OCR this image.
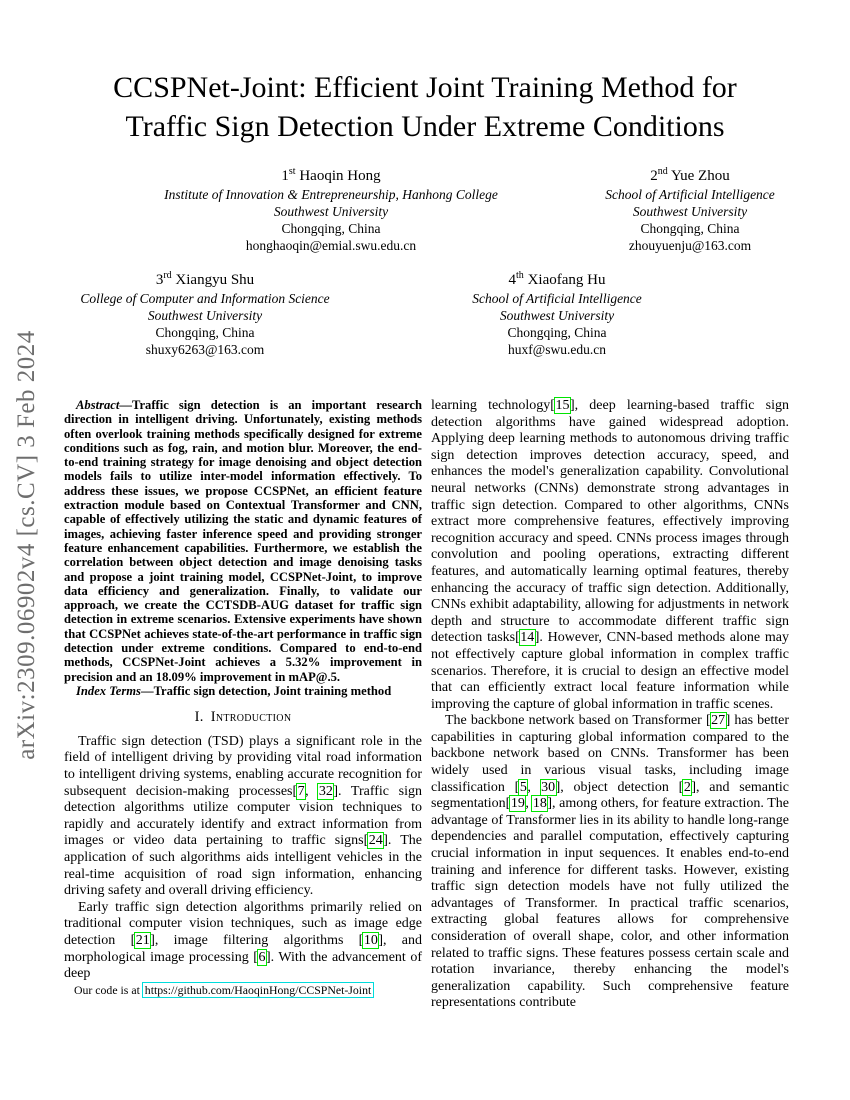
arXiv:2309.06902v4 [cs.CV] 3 Feb 2024
CCSPNet-Joint: Efficient Joint Training Method for
Traffic Sign Detection Under Extreme Conditions
1st Haoqin Hong
Institute of Innovation & Entrepreneurship, Hanhong College
Southwest University
Chongqing, China
honghaoqin@emial.swu.edu.cn
2nd Yue Zhou
School of Artificial Intelligence
Southwest University
Chongqing, China
zhouyuenju@163.com
3rd Xiangyu Shu
College of Computer and Information Science
Southwest University
Chongqing, China
shuxy6263@163.com
4th Xiaofang Hu
School of Artificial Intelligence
Southwest University
Chongqing, China
huxf@swu.edu.cn

Abstract—Traffic sign detection is an important research direction in intelligent driving. Unfortunately, existing methods often overlook training methods specifically designed for extreme conditions such as fog, rain, and motion blur. Moreover, the end-to-end training strategy for image denoising and object detection models fails to utilize inter-model information effectively. To address these issues, we propose CCSPNet, an efficient feature extraction module based on Contextual Transformer and CNN, capable of effectively utilizing the static and dynamic features of images, achieving faster inference speed and providing stronger feature enhancement capabilities. Furthermore, we establish the correlation between object detection and image denoising tasks and propose a joint training model, CCSPNet-Joint, to improve data efficiency and generalization. Finally, to validate our approach, we create the CCTSDB-AUG dataset for traffic sign detection in extreme scenarios. Extensive experiments have shown that CCSPNet achieves state-of-the-art performance in traffic sign detection under extreme conditions. Compared to end-to-end methods, CCSPNet-Joint achieves a 5.32% improvement in precision and an 18.09% improvement in mAP@.5.

Index Terms—Traffic sign detection, Joint training method

I. Introduction

Traffic sign detection (TSD) plays a significant role in the field of intelligent driving by providing vital road information to intelligent driving systems, enabling accurate recognition for subsequent decision-making processes[7, 32]. Traffic sign detection algorithms utilize computer vision techniques to rapidly and accurately identify and extract information from images or video data pertaining to traffic signs[24]. The application of such algorithms aids intelligent vehicles in the real-time acquisition of road sign information, enhancing driving safety and overall driving efficiency.

Early traffic sign detection algorithms primarily relied on traditional computer vision techniques, such as image edge detection [21], image filtering algorithms [10], and morphological image processing [6]. With the advancement of deep

learning technology[15], deep learning-based traffic sign detection algorithms have gained widespread adoption. Applying deep learning methods to autonomous driving traffic sign detection improves detection accuracy, speed, and enhances the model's generalization capability. Convolutional neural networks (CNNs) demonstrate strong advantages in traffic sign detection. Compared to other algorithms, CNNs extract more comprehensive features, effectively improving recognition accuracy and speed. CNNs process images through convolution and pooling operations, extracting different features, and automatically learning optimal features, thereby enhancing the accuracy of traffic sign detection. Additionally, CNNs exhibit adaptability, allowing for adjustments in network depth and structure to accommodate different traffic sign detection tasks[14]. However, CNN-based methods alone may not effectively capture global information in complex traffic scenarios. Therefore, it is crucial to design an effective model that can efficiently extract local feature information while improving the capture of global information in traffic scenes.

The backbone network based on Transformer [27] has better capabilities in capturing global information compared to the backbone network based on CNNs. Transformer has been widely used in various visual tasks, including image classification [5, 30], object detection [2], and semantic segmentation[19, 18], among others, for feature extraction. The advantage of Transformer lies in its ability to handle long-range dependencies and parallel computation, effectively capturing crucial information in input sequences. It enables end-to-end training and inference for different tasks. However, existing traffic sign detection models have not fully utilized the advantages of Transformer. In practical traffic scenarios, extracting global features allows for comprehensive consideration of overall shape, color, and other information related to traffic signs. These features possess certain scale and rotation invariance, thereby enhancing the model's generalization capability. Such comprehensive feature representations contribute

Our code is at https://github.com/HaoqinHong/CCSPNet-Joint
